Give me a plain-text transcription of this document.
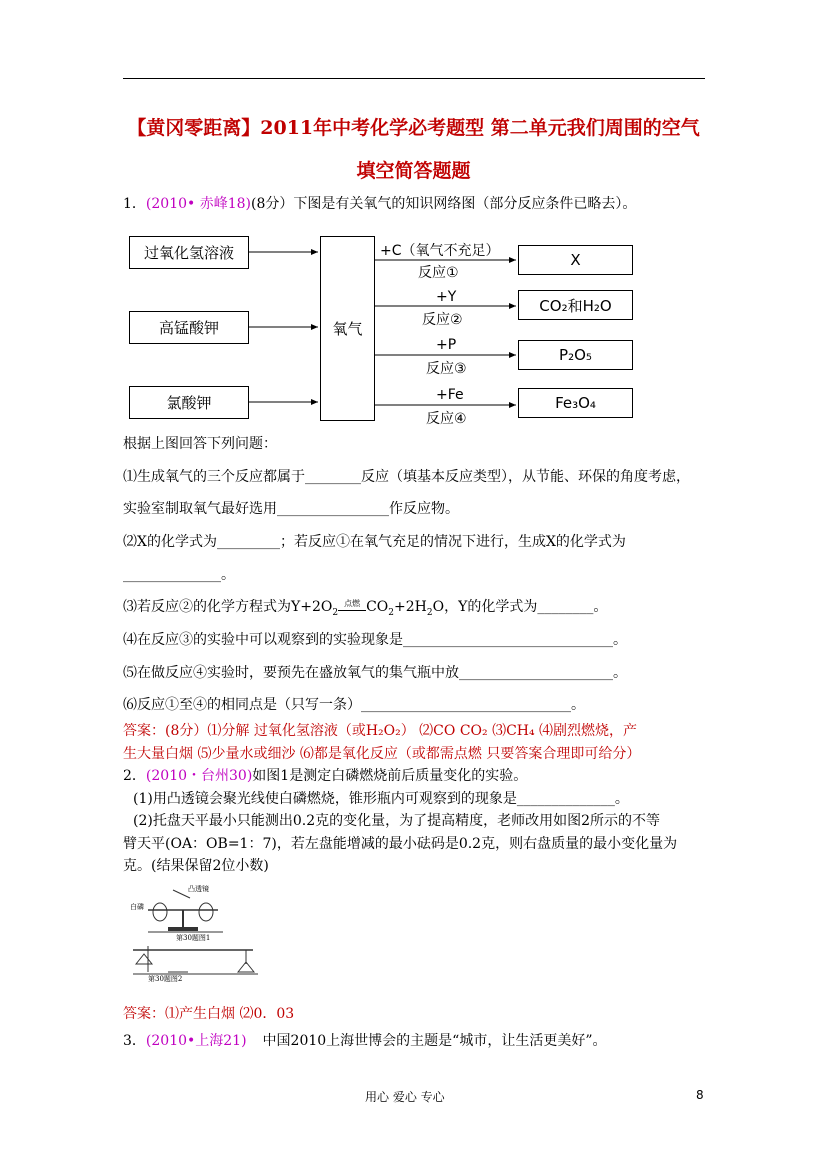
【黄冈零距离】2011年中考化学必考题型 第二单元我们周围的空气
填空简答题题
1．(2010• 赤峰18)(8分）下图是有关氧气的知识网络图（部分反应条件已略去）。
过氧化氢溶液
高锰酸钾
氯酸钾
氧气
X
CO₂和H₂O
P₂O₅
Fe₃O₄
+C（氧气不充足）
反应①
+Y
反应②
+P
反应③
+Fe
反应④
根据上图回答下列问题：
⑴生成氧气的三个反应都属于________反应（填基本反应类型），从节能、环保的角度考虑，
实验室制取氧气最好选用________________作反应物。
⑵X的化学式为_________；若反应①在氧气充足的情况下进行，生成X的化学式为
______________。
⑶若反应②的化学方程式为$Y+2O_2$
点燃 $CO_2+2H_2O$，Y的化学式为________。
⑷在反应③的实验中可以观察到的实验现象是______________________________。
⑸在做反应④实验时，要预先在盛放氧气的集气瓶中放______________________。
⑹反应①至④的相同点是（只写一条）______________________________。
答案：(8分）⑴分解 过氧化氢溶液（或H₂O₂） ⑵CO CO₂ ⑶CH₄ ⑷剧烈燃烧，产
生大量白烟 ⑸少量水或细沙 ⑹都是氧化反应（或都需点燃 只要答案合理即可给分）
2．(2010・台州30)如图1是测定白磷燃烧前后质量变化的实验。
(1)用凸透镜会聚光线使白磷燃烧，锥形瓶内可观察到的现象是______________。
(2)托盘天平最小只能测出0.2克的变化量，为了提高精度，老师改用如图2所示的不等
臂天平(OA：OB=1：7)，若左盘能增减的最小砝码是0.2克，则右盘质量的最小变化量为
克。(结果保留2位小数)
凸透镜
白磷
第30题图1
第30题图2
答案：⑴产生白烟 ⑵0．03
3．(2010•上海21) 中国2010上海世博会的主题是“城市，让生活更美好”。
用心 爱心 专心	8
